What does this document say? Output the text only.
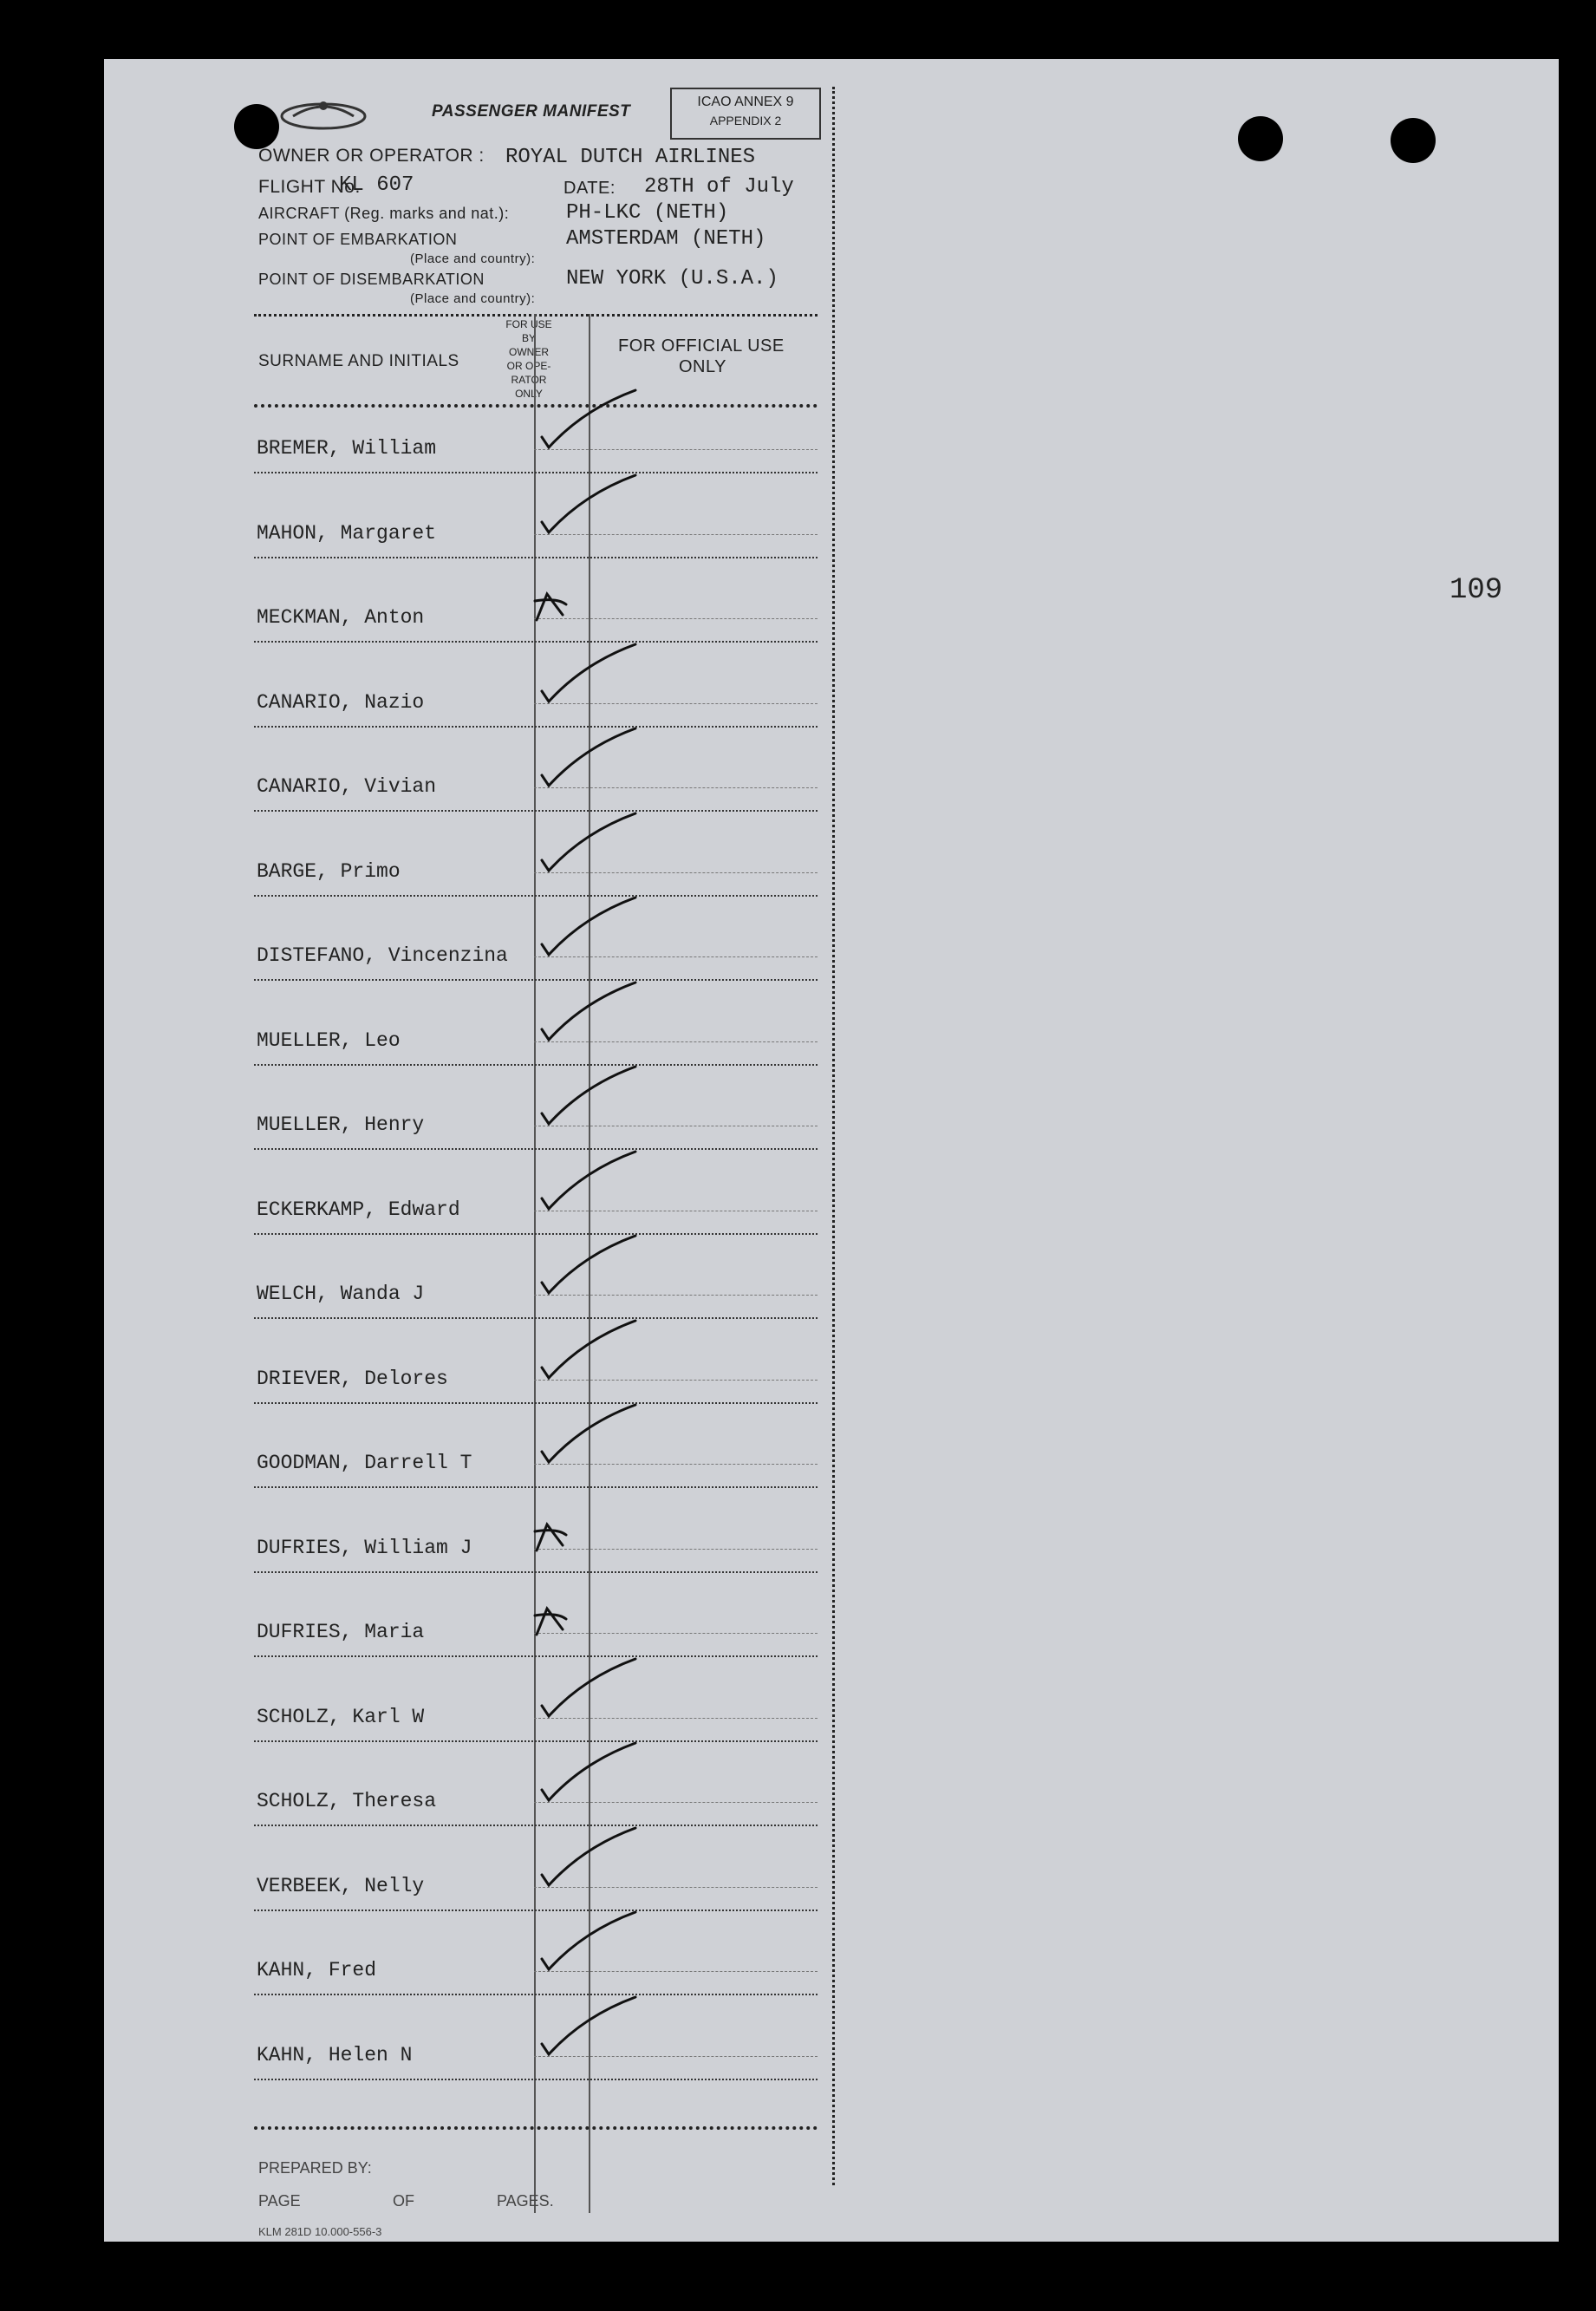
109
PASSENGER MANIFEST
ICAO ANNEX 9
APPENDIX 2
OWNER OR OPERATOR : ROYAL DUTCH AIRLINES
FLIGHT No.
KL 607	DATE: 28TH of July
AIRCRAFT (Reg. marks and nat.):	PH-LKC (NETH)
POINT OF EMBARKATION	AMSTERDAM (NETH)
(Place and country):
POINT OF DISEMBARKATION	NEW YORK (U.S.A.)
(Place and country):
SURNAME AND INITIALS
FOR USE
BY
OWNER
OR OPE-
RATOR
ONLY
FOR OFFICIAL USE
ONLY
BREMER, William
MAHON, Margaret
MECKMAN, Anton
CANARIO, Nazio
CANARIO, Vivian
BARGE, Primo
DISTEFANO, Vincenzina
MUELLER, Leo
MUELLER, Henry
ECKERKAMP, Edward
WELCH, Wanda J
DRIEVER, Delores
GOODMAN, Darrell T
DUFRIES, William J
DUFRIES, Maria
SCHOLZ, Karl W
SCHOLZ, Theresa
VERBEEK, Nelly
KAHN, Fred
KAHN, Helen N
PREPARED BY:
PAGE	OF	PAGES.
KLM 281D 10.000-556-3
